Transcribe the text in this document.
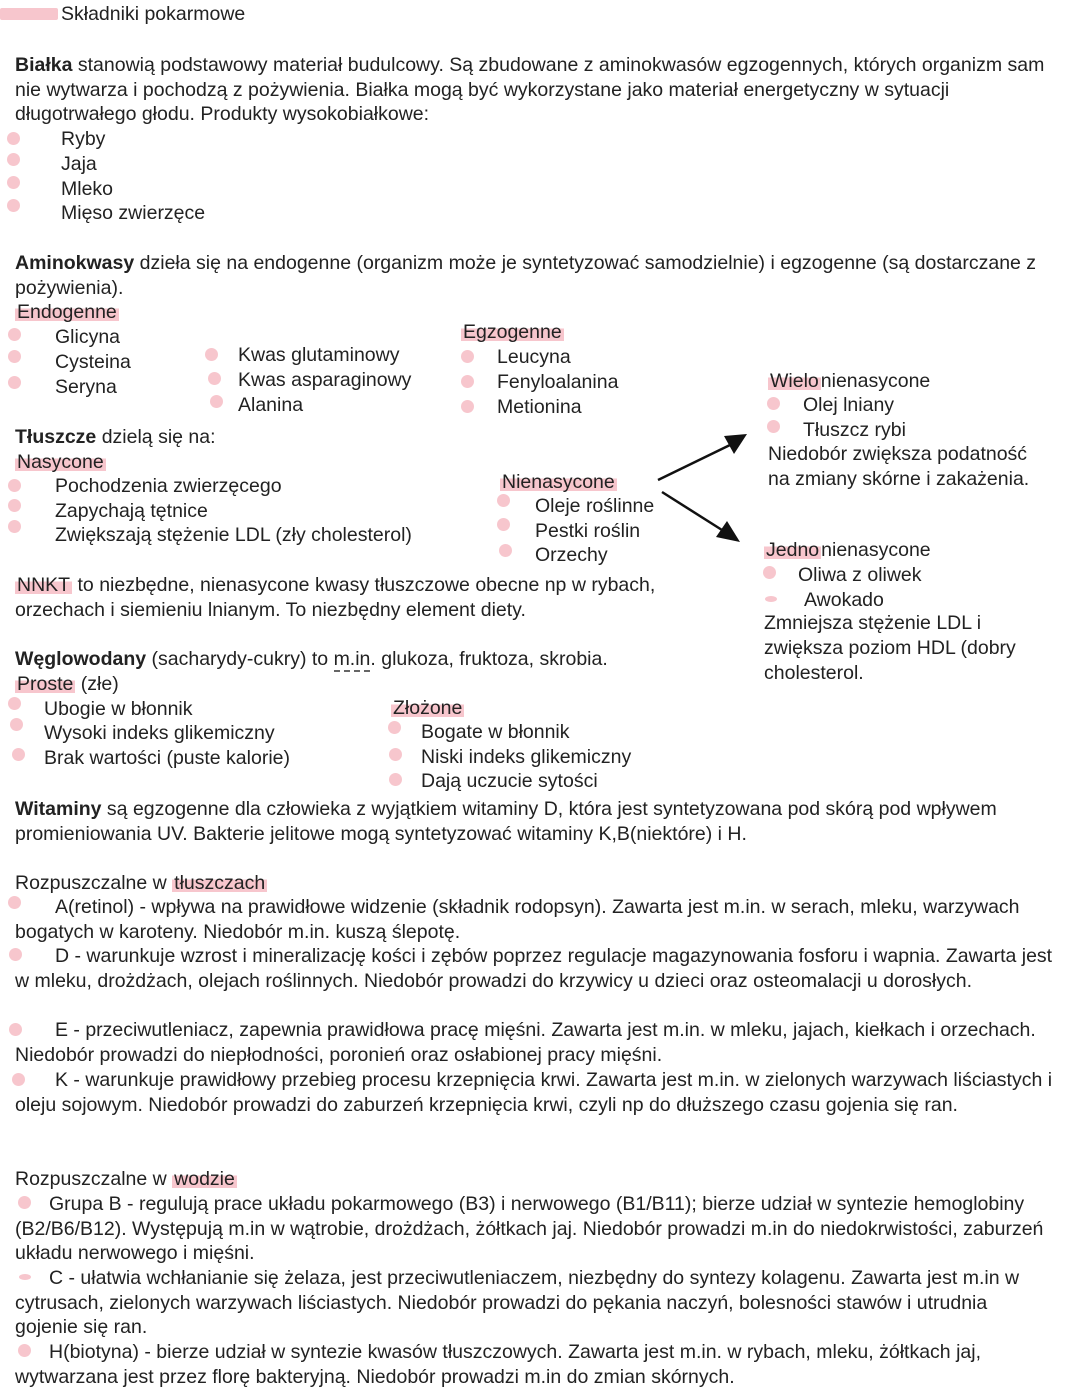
Składniki pokarmowe
Białka stanowią podstawowy materiał budulcowy. Są zbudowane z aminokwasów egzogennych, których organizm sam nie wytwarza i pochodzą z pożywienia. Białka mogą być wykorzystane jako materiał energetyczny w sytuacji długotrwałego głodu. Produkty wysokobiałkowe:
Ryby
Jaja
Mleko
Mięso zwierzęce
Aminokwasy dzieła się na endogenne (organizm może je syntetyzować samodzielnie) i egzogenne (są dostarczane z pożywienia).
Endogenne
Glicyna
Cysteina
Seryna
Kwas glutaminowy
Kwas asparaginowy
Alanina
Egzogenne
Leucyna
Fenyloalanina
Metionina
Tłuszcze dzielą się na:
Nasycone
Pochodzenia zwierzęcego
Zapychają tętnice
Zwiększają stężenie LDL (zły cholesterol)
Nienasycone
Oleje roślinne
Pestki roślin
Orzechy
Wielo nienasycone
Olej lniany
Tłuszcz rybi
Niedobór zwiększa podatność
na zmiany skórne i zakażenia.
Jedno nienasycone
Oliwa z oliwek
Awokado
Zmniejsza stężenie LDL i
zwiększa poziom HDL (dobry
cholesterol.
NNKT to niezbędne, nienasycone kwasy tłuszczowe obecne np w rybach,
orzechach i siemieniu lnianym. To niezbędny element diety.
Węglowodany (sacharydy-cukry) to m.in. glukoza, fruktoza, skrobia.
Proste (złe)
Ubogie w błonnik
Wysoki indeks glikemiczny
Brak wartości (puste kalorie)
Złożone
Bogate w błonnik
Niski indeks glikemiczny
Dają uczucie sytości
Witaminy są egzogenne dla człowieka z wyjątkiem witaminy D, która jest syntetyzowana pod skórą pod wpływem promieniowania UV. Bakterie jelitowe mogą syntetyzować witaminy K,B(niektóre) i H.
Rozpuszczalne w tłuszczach
A(retinol) - wpływa na prawidłowe widzenie (składnik rodopsyn). Zawarta jest m.in. w serach, mleku, warzywach bogatych w karoteny. Niedobór m.in. kuszą ślepotę.
D - warunkuje wzrost i mineralizację kości i zębów poprzez regulacje magazynowania fosforu i wapnia. Zawarta jest w mleku, drożdżach, olejach roślinnych. Niedobór prowadzi do krzywicy u dzieci oraz osteomalacji u dorosłych.
E - przeciwutleniacz, zapewnia prawidłowa pracę mięśni. Zawarta jest m.in. w mleku, jajach, kiełkach i orzechach. Niedobór prowadzi do niepłodności, poronień oraz osłabionej pracy mięśni.
K - warunkuje prawidłowy przebieg procesu krzepnięcia krwi. Zawarta jest m.in. w zielonych warzywach liściastych i oleju sojowym. Niedobór prowadzi do zaburzeń krzepnięcia krwi, czyli np do dłuższego czasu gojenia się ran.
Rozpuszczalne w wodzie
Grupa B - regulują prace układu pokarmowego (B3) i nerwowego (B1/B11); bierze udział w syntezie hemoglobiny (B2/B6/B12). Występują m.in w wątrobie, drożdżach, żółtkach jaj. Niedobór prowadzi m.in do niedokrwistości, zaburzeń układu nerwowego i mięśni.
C - ułatwia wchłanianie się żelaza, jest przeciwutleniaczem, niezbędny do syntezy kolagenu. Zawarta jest m.in w cytrusach, zielonych warzywach liściastych. Niedobór prowadzi do pękania naczyń, bolesności stawów i utrudnia gojenie się ran.
H(biotyna) - bierze udział w syntezie kwasów tłuszczowych. Zawarta jest m.in. w rybach, mleku, żółtkach jaj, wytwarzana jest przez florę bakteryjną. Niedobór prowadzi m.in do zmian skórnych.
